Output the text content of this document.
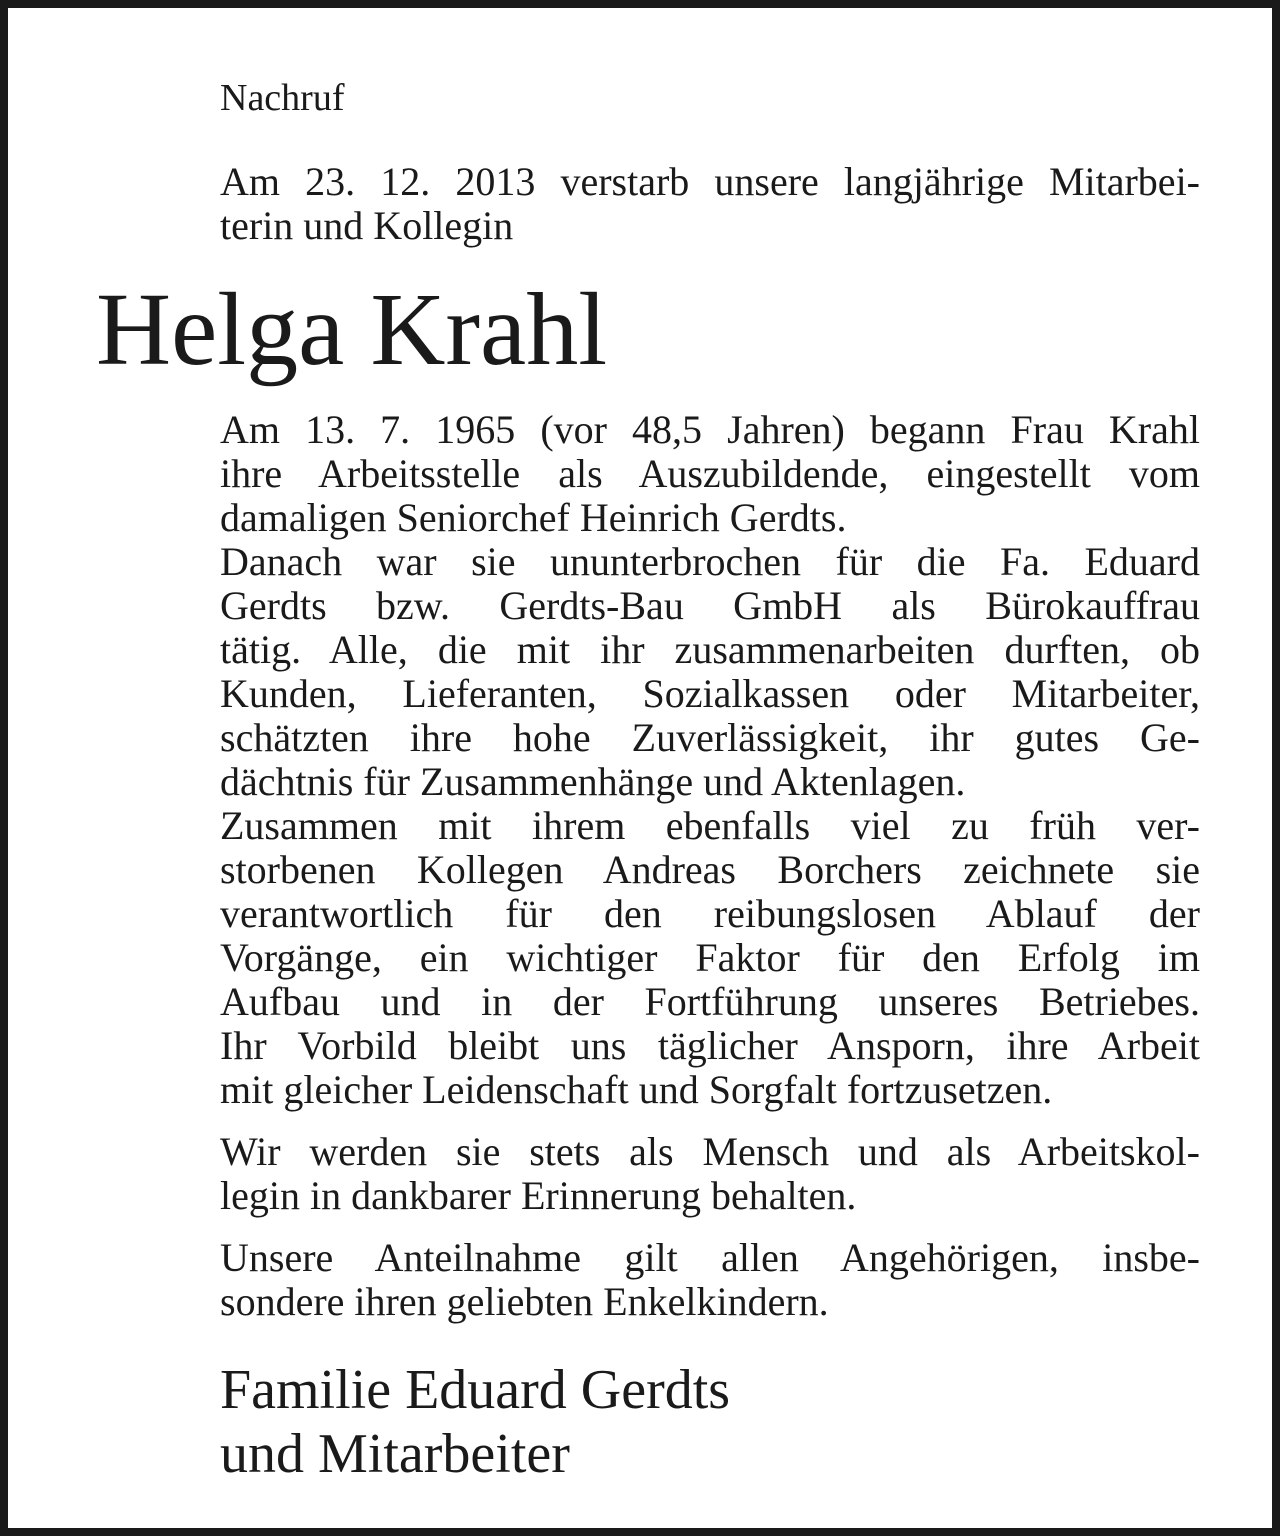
Nachruf

Am 23. 12. 2013 verstarb unsere langjährige Mitarbei-
terin und Kollegin

Helga Krahl

Am 13. 7. 1965 (vor 48,5 Jahren) begann Frau Krahl
ihre Arbeitsstelle als Auszubildende, eingestellt vom
damaligen Seniorchef Heinrich Gerdts.
Danach war sie ununterbrochen für die Fa. Eduard
Gerdts bzw. Gerdts-Bau GmbH als Bürokauffrau
tätig. Alle, die mit ihr zusammenarbeiten durften, ob
Kunden, Lieferanten, Sozialkassen oder Mitarbeiter,
schätzten ihre hohe Zuverlässigkeit, ihr gutes Ge-
dächtnis für Zusammenhänge und Aktenlagen.
Zusammen mit ihrem ebenfalls viel zu früh ver-
storbenen Kollegen Andreas Borchers zeichnete sie
verantwortlich für den reibungslosen Ablauf der
Vorgänge, ein wichtiger Faktor für den Erfolg im
Aufbau und in der Fortführung unseres Betriebes.
Ihr Vorbild bleibt uns täglicher Ansporn, ihre Arbeit
mit gleicher Leidenschaft und Sorgfalt fortzusetzen.

Wir werden sie stets als Mensch und als Arbeitskol-
legin in dankbarer Erinnerung behalten.

Unsere Anteilnahme gilt allen Angehörigen, insbe-
sondere ihren geliebten Enkelkindern.

Familie Eduard Gerdts
und Mitarbeiter
